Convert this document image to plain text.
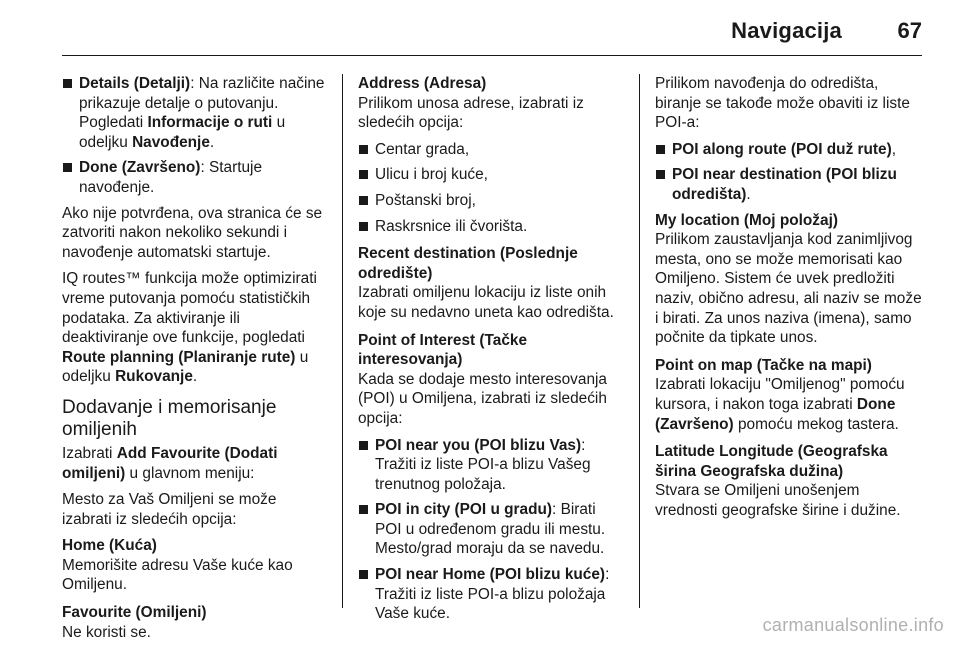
Navigacija	67
Details (Detalji): Na različite načine prikazuje detalje o putovanju. Pogledati Informacije o ruti u odeljku Navođenje.
Done (Završeno): Startuje navođenje.

Ako nije potvrđena, ova stranica će se zatvoriti nakon nekoliko sekundi i navođenje automatski startuje.

IQ routes™ funkcija može optimizirati vreme putovanja pomoću statističkih podataka. Za aktiviranje ili deaktiviranje ove funkcije, pogledati Route planning (Planiranje rute) u odeljku Rukovanje.

Dodavanje i memorisanje omiljenih

Izabrati Add Favourite (Dodati omiljeni) u glavnom meniju:

Mesto za Vaš Omiljeni se može izabrati iz sledećih opcija:

Home (Kuća)
Memorišite adresu Vaše kuće kao Omiljenu.
Favourite (Omiljeni)
Ne koristi se.
Address (Adresa)

Prilikom unosa adrese, izabrati iz sledećih opcija:

Centar grada,
Ulicu i broj kuće,
Poštanski broj,
Raskrsnice ili čvorišta.
Recent destination (Poslednje odredište)
Izabrati omiljenu lokaciju iz liste onih koje su nedavno uneta kao odredišta.
Point of Interest (Tačke interesovanja)

Kada se dodaje mesto interesovanja (POI) u Omiljena, izabrati iz sledećih opcija:

POI near you (POI blizu Vas): Tražiti iz liste POI-a blizu Vašeg trenutnog položaja.
POI in city (POI u gradu): Birati POI u određenom gradu ili mestu. Mesto/grad moraju da se navedu.
POI near Home (POI blizu kuće): Tražiti iz liste POI-a blizu položaja Vaše kuće.

Prilikom navođenja do odredišta, biranje se takođe može obaviti iz liste POI-a:

POI along route (POI duž rute),
POI near destination (POI blizu odredišta).
My location (Moj položaj)
Prilikom zaustavljanja kod zanimljivog mesta, ono se može memorisati kao Omiljeno. Sistem će uvek predložiti naziv, obično adresu, ali naziv se može i birati. Za unos naziva (imena), samo počnite da tipkate unos.
Point on map (Tačke na mapi)
Izabrati lokaciju "Omiljenog" pomoću kursora, i nakon toga izabrati Done (Završeno) pomoću mekog tastera.
Latitude Longitude (Geografska širina Geografska dužina)
Stvara se Omiljeni unošenjem vrednosti geografske širine i dužine.
carmanualsonline.info
